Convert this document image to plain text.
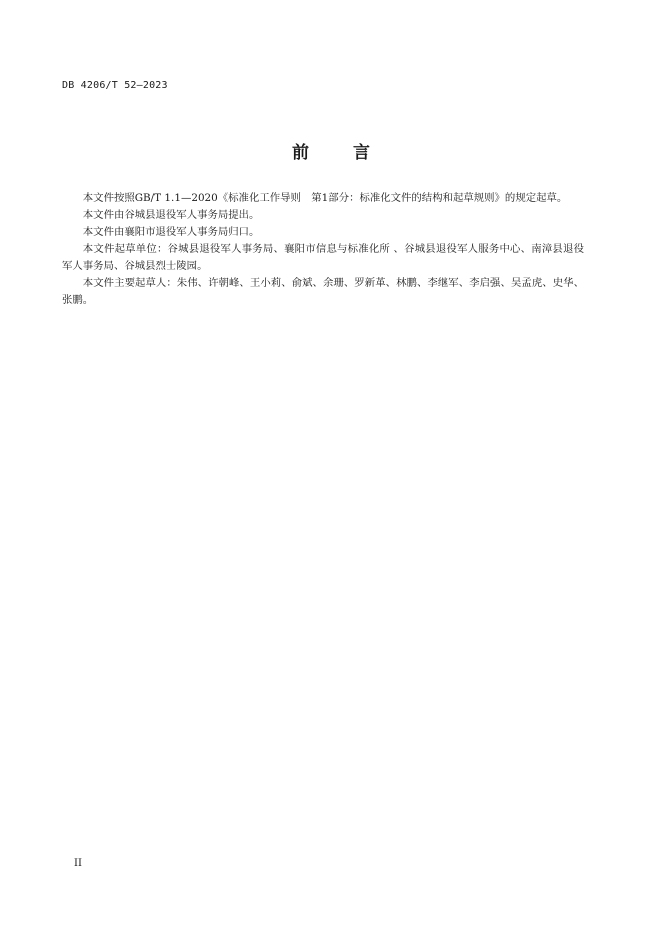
DB 4206/T 52—2023
前	言

本文件按照GB/T 1.1—2020《标准化工作导则　第1部分：标准化文件的结构和起草规则》的规定起草。

本文件由谷城县退役军人事务局提出。

本文件由襄阳市退役军人事务局归口。

本文件起草单位：谷城县退役军人事务局、襄阳市信息与标准化所 、谷城县退役军人服务中心、南漳县退役军人事务局、谷城县烈士陵园。

本文件主要起草人：朱伟、许朝峰、王小莉、俞斌、余珊、罗新革、林鹏、李继军、李启强、吴孟虎、史华、张鹏。

II
